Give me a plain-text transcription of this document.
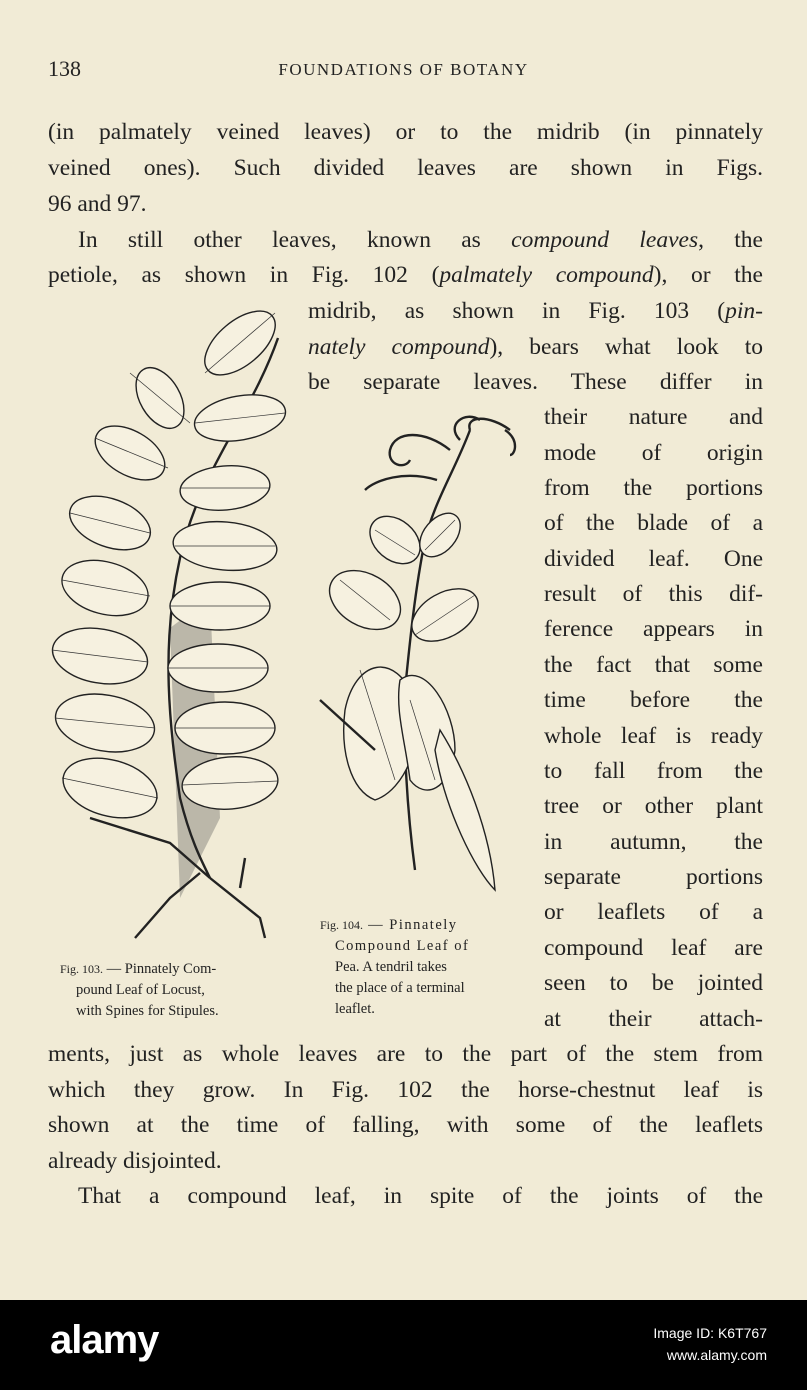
138	FOUNDATIONS OF BOTANY
(in palmately veined leaves) or to the midrib (in pinnately
veined ones). Such divided leaves are shown in Figs.
96 and 97.
In still other leaves, known as compound leaves, the
petiole, as shown in Fig. 102 (palmately compound), or the
midrib, as shown in Fig. 103 (pin-
nately compound), bears what look to
be separate leaves. These differ in
their nature and
mode of origin
from the portions
of the blade of a
divided leaf. One
result of this dif-
ference appears in
the fact that some
time before the
whole leaf is ready
to fall from the
tree or other plant
in autumn, the
separate portions
or leaflets of a
compound leaf are
seen to be jointed
at their attach-
ments, just as whole leaves are to the part of the stem from
which they grow. In Fig. 102 the horse-chestnut leaf is
shown at the time of falling, with some of the leaflets
already disjointed.
That a compound leaf, in spite of the joints of the
Fig. 103. — Pinnately Com-
pound Leaf of Locust,
with Spines for Stipules.
Fig. 104. — Pinnately
Compound Leaf of
Pea. A tendril takes
the place of a terminal
leaflet.
alamy	Image ID: K6T767
www.alamy.com
